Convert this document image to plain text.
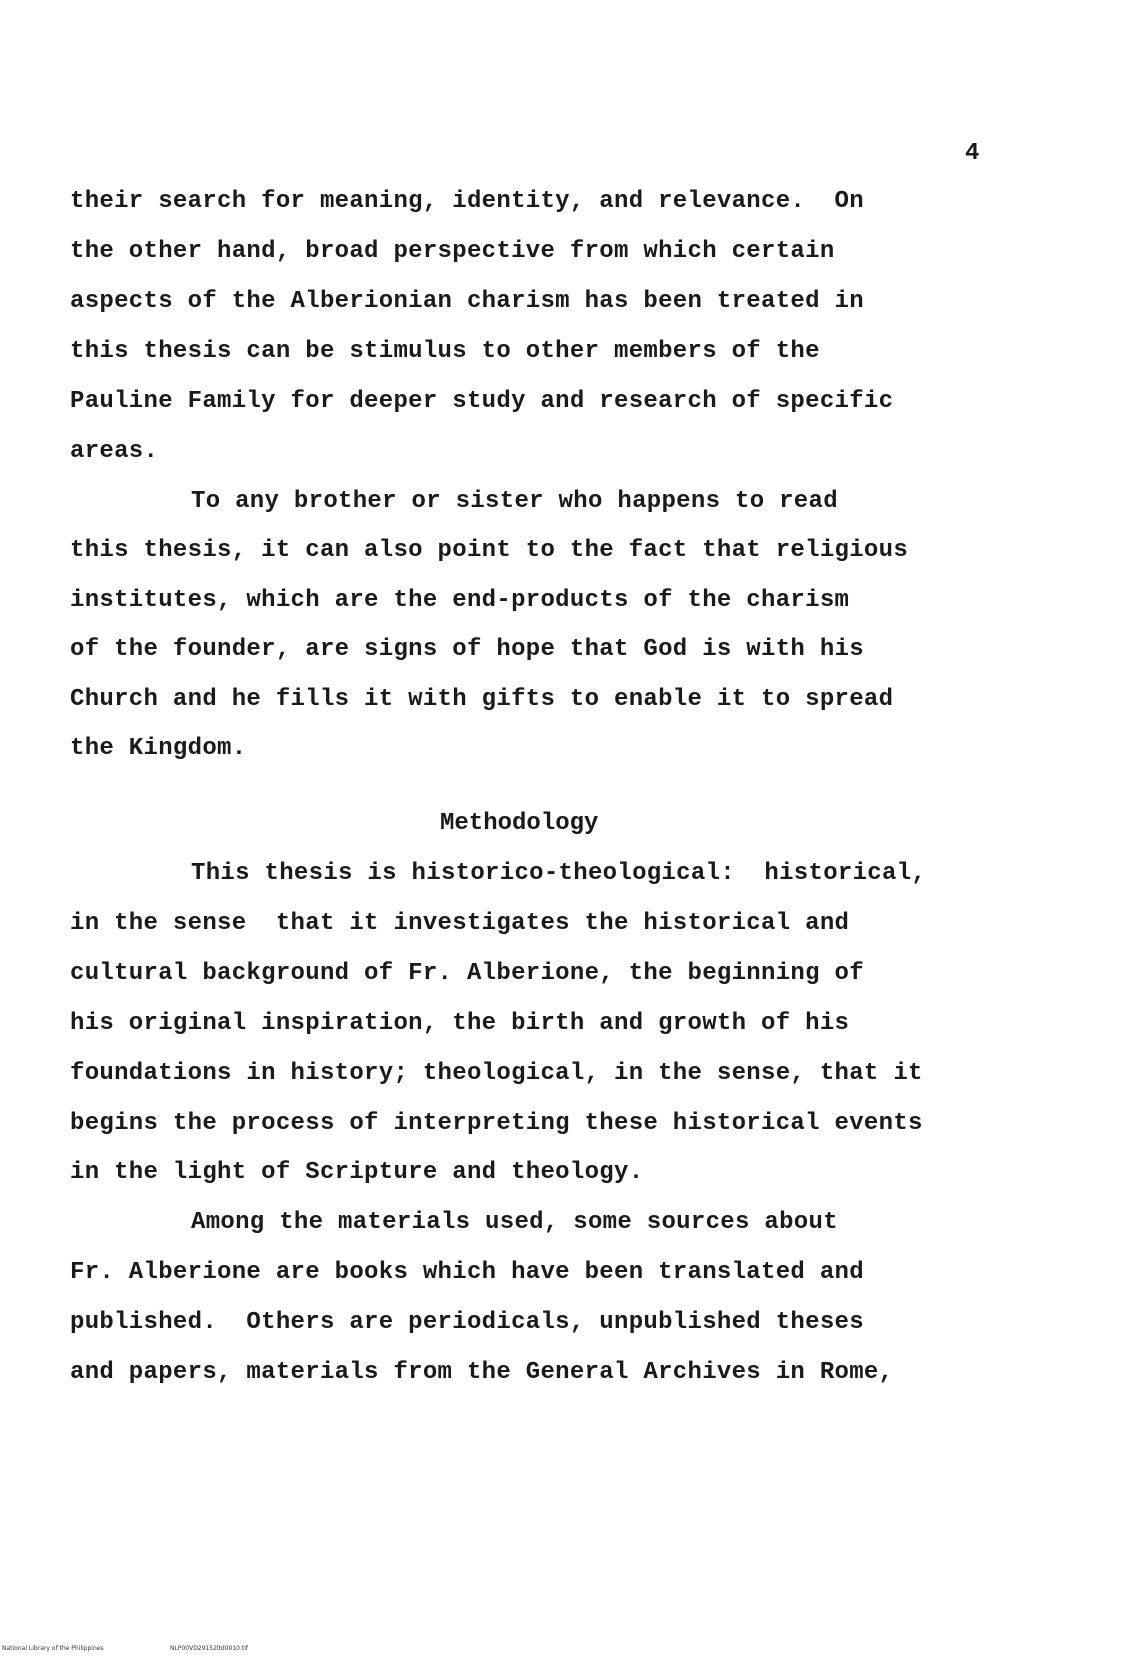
4
their search for meaning, identity, and relevance.  On
the other hand, broad perspective from which certain
aspects of the Alberionian charism has been treated in
this thesis can be stimulus to other members of the
Pauline Family for deeper study and research of specific
areas.
To any brother or sister who happens to read
this thesis, it can also point to the fact that religious
institutes, which are the end-products of the charism
of the founder, are signs of hope that God is with his
Church and he fills it with gifts to enable it to spread
the Kingdom.
Methodology
This thesis is historico-theological:  historical,
in the sense  that it investigates the historical and
cultural background of Fr. Alberione, the beginning of
his original inspiration, the birth and growth of his
foundations in history; theological, in the sense, that it
begins the process of interpreting these historical events
in the light of Scripture and theology.
Among the materials used, some sources about
Fr. Alberione are books which have been translated and
published.  Others are periodicals, unpublished theses
and papers, materials from the General Archives in Rome,
National Library of the Philippines	NLP00VD29152ltd0010.tif
